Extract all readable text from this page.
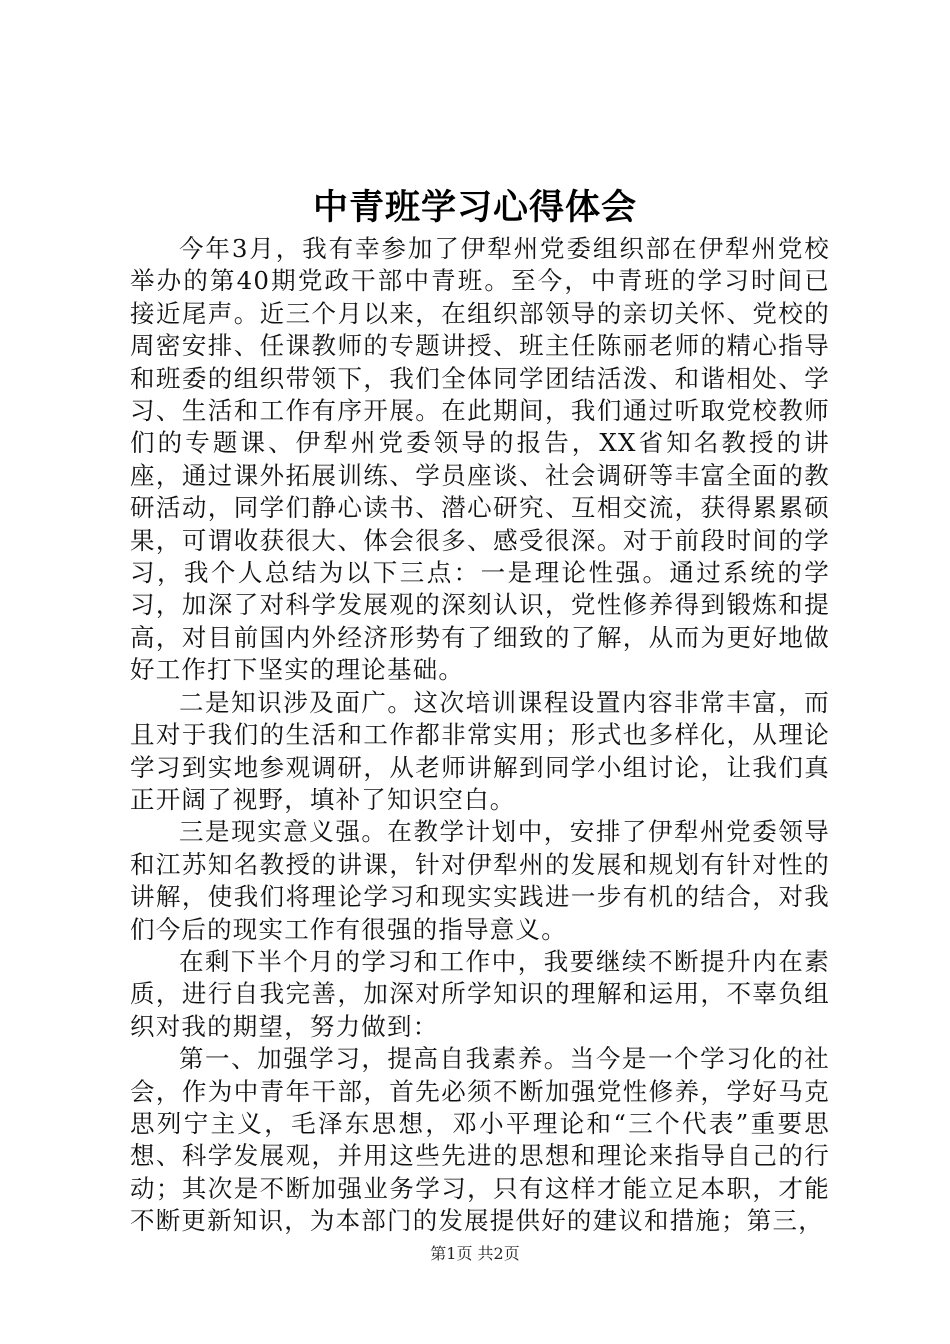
中青班学习心得体会

今年3月，我有幸参加了伊犁州党委组织部在伊犁州党校举办的第40期党政干部中青班。至今，中青班的学习时间已接近尾声。近三个月以来，在组织部领导的亲切关怀、党校的周密安排、任课教师的专题讲授、班主任陈丽老师的精心指导和班委的组织带领下，我们全体同学团结活泼、和谐相处、学习、生活和工作有序开展。在此期间，我们通过听取党校教师们的专题课、伊犁州党委领导的报告，XX省知名教授的讲座，通过课外拓展训练、学员座谈、社会调研等丰富全面的教研活动，同学们静心读书、潜心研究、互相交流，获得累累硕果，可谓收获很大、体会很多、感受很深。对于前段时间的学习，我个人总结为以下三点：一是理论性强。通过系统的学习，加深了对科学发展观的深刻认识，党性修养得到锻炼和提高，对目前国内外经济形势有了细致的了解，从而为更好地做好工作打下坚实的理论基础。

二是知识涉及面广。这次培训课程设置内容非常丰富，而且对于我们的生活和工作都非常实用；形式也多样化，从理论学习到实地参观调研，从老师讲解到同学小组讨论，让我们真正开阔了视野，填补了知识空白。

三是现实意义强。在教学计划中，安排了伊犁州党委领导和江苏知名教授的讲课，针对伊犁州的发展和规划有针对性的讲解，使我们将理论学习和现实实践进一步有机的结合，对我们今后的现实工作有很强的指导意义。

在剩下半个月的学习和工作中，我要继续不断提升内在素质，进行自我完善，加深对所学知识的理解和运用，不辜负组织对我的期望，努力做到：

第一、加强学习，提高自我素养。当今是一个学习化的社会，作为中青年干部，首先必须不断加强党性修养，学好马克思列宁主义，毛泽东思想，邓小平理论和“三个代表”重要思想、科学发展观，并用这些先进的思想和理论来指导自己的行动；其次是不断加强业务学习，只有这样才能立足本职，才能不断更新知识，为本部门的发展提供好的建议和措施；第三，

第1页 共2页
